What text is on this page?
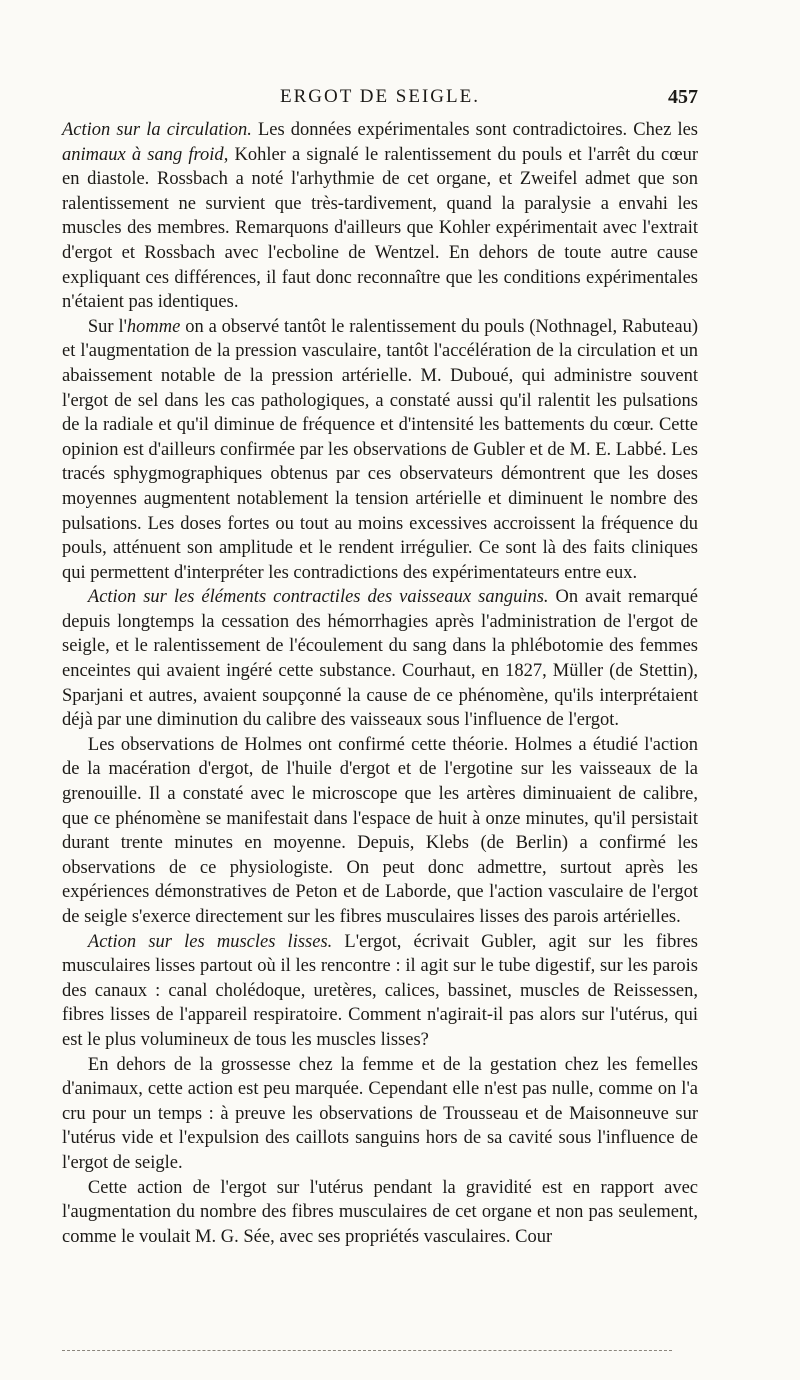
ERGOT DE SEIGLE.	457

Action sur la circulation. Les données expérimentales sont contradictoires. Chez les animaux à sang froid, Kohler a signalé le ralentissement du pouls et l'arrêt du cœur en diastole. Rossbach a noté l'arhythmie de cet organe, et Zweifel admet que son ralentissement ne survient que très-tardivement, quand la paralysie a envahi les muscles des membres. Remarquons d'ailleurs que Kohler expérimentait avec l'extrait d'ergot et Rossbach avec l'ecboline de Wentzel. En dehors de toute autre cause expliquant ces différences, il faut donc reconnaître que les conditions expérimentales n'étaient pas identiques.

Sur l'homme on a observé tantôt le ralentissement du pouls (Nothnagel, Rabuteau) et l'augmentation de la pression vasculaire, tantôt l'accélération de la circulation et un abaissement notable de la pression artérielle. M. Duboué, qui administre souvent l'ergot de sel dans les cas pathologiques, a constaté aussi qu'il ralentit les pulsations de la radiale et qu'il diminue de fréquence et d'intensité les battements du cœur. Cette opinion est d'ailleurs confirmée par les observations de Gubler et de M. E. Labbé. Les tracés sphygmographiques obtenus par ces observateurs démontrent que les doses moyennes augmentent notablement la tension artérielle et diminuent le nombre des pulsations. Les doses fortes ou tout au moins excessives accroissent la fréquence du pouls, atténuent son amplitude et le rendent irrégulier. Ce sont là des faits cliniques qui permettent d'interpréter les contradictions des expérimentateurs entre eux.

Action sur les éléments contractiles des vaisseaux sanguins. On avait remarqué depuis longtemps la cessation des hémorrhagies après l'administration de l'ergot de seigle, et le ralentissement de l'écoulement du sang dans la phlébotomie des femmes enceintes qui avaient ingéré cette substance. Courhaut, en 1827, Müller (de Stettin), Sparjani et autres, avaient soupçonné la cause de ce phénomène, qu'ils interprétaient déjà par une diminution du calibre des vaisseaux sous l'influence de l'ergot.

Les observations de Holmes ont confirmé cette théorie. Holmes a étudié l'action de la macération d'ergot, de l'huile d'ergot et de l'ergotine sur les vaisseaux de la grenouille. Il a constaté avec le microscope que les artères diminuaient de calibre, que ce phénomène se manifestait dans l'espace de huit à onze minutes, qu'il persistait durant trente minutes en moyenne. Depuis, Klebs (de Berlin) a confirmé les observations de ce physiologiste. On peut donc admettre, surtout après les expériences démonstratives de Peton et de Laborde, que l'action vasculaire de l'ergot de seigle s'exerce directement sur les fibres musculaires lisses des parois artérielles.

Action sur les muscles lisses. L'ergot, écrivait Gubler, agit sur les fibres musculaires lisses partout où il les rencontre : il agit sur le tube digestif, sur les parois des canaux : canal cholédoque, uretères, calices, bassinet, muscles de Reissessen, fibres lisses de l'appareil respiratoire. Comment n'agirait-il pas alors sur l'utérus, qui est le plus volumineux de tous les muscles lisses?

En dehors de la grossesse chez la femme et de la gestation chez les femelles d'animaux, cette action est peu marquée. Cependant elle n'est pas nulle, comme on l'a cru pour un temps : à preuve les observations de Trousseau et de Maisonneuve sur l'utérus vide et l'expulsion des caillots sanguins hors de sa cavité sous l'influence de l'ergot de seigle.

Cette action de l'ergot sur l'utérus pendant la gravidité est en rapport avec l'augmentation du nombre des fibres musculaires de cet organe et non pas seulement, comme le voulait M. G. Sée, avec ses propriétés vasculaires. Cour
